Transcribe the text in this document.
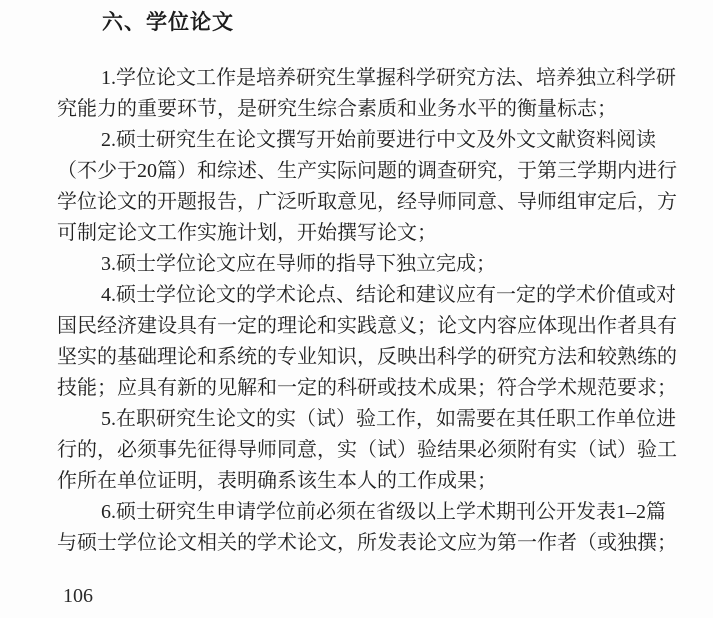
六、学位论文
1.学位论文工作是培养研究生掌握科学研究方法、培养独立科学研
究能力的重要环节，是研究生综合素质和业务水平的衡量标志；
2.硕士研究生在论文撰写开始前要进行中文及外文文献资料阅读
（不少于20篇）和综述、生产实际问题的调查研究，于第三学期内进行
学位论文的开题报告，广泛听取意见，经导师同意、导师组审定后，方
可制定论文工作实施计划，开始撰写论文；
3.硕士学位论文应在导师的指导下独立完成；
4.硕士学位论文的学术论点、结论和建议应有一定的学术价值或对
国民经济建设具有一定的理论和实践意义；论文内容应体现出作者具有
坚实的基础理论和系统的专业知识，反映出科学的研究方法和较熟练的
技能；应具有新的见解和一定的科研或技术成果；符合学术规范要求；
5.在职研究生论文的实（试）验工作，如需要在其任职工作单位进
行的，必须事先征得导师同意，实（试）验结果必须附有实（试）验工
作所在单位证明，表明确系该生本人的工作成果；
6.硕士研究生申请学位前必须在省级以上学术期刊公开发表1–2篇
与硕士学位论文相关的学术论文，所发表论文应为第一作者（或独撰；
106
